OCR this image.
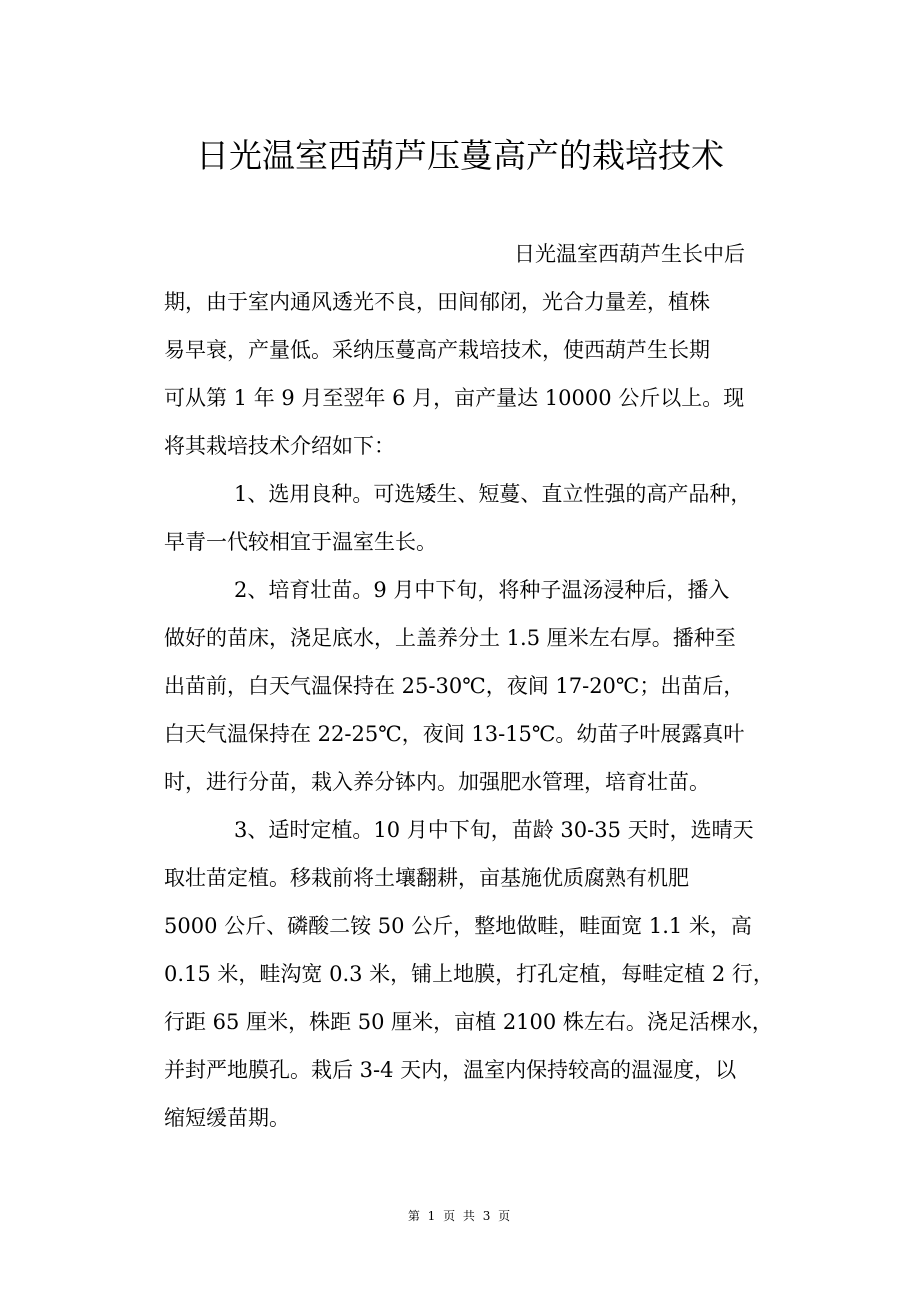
日光温室西葫芦压蔓高产的栽培技术
日光温室西葫芦生长中后
期，由于室内通风透光不良，田间郁闭，光合力量差，植株
易早衰，产量低。采纳压蔓高产栽培技术，使西葫芦生长期
可从第 1 年 9 月至翌年 6 月，亩产量达 10000 公斤以上。现
将其栽培技术介绍如下：
1、选用良种。可选矮生、短蔓、直立性强的高产品种，
早青一代较相宜于温室生长。
2、培育壮苗。9 月中下旬，将种子温汤浸种后，播入
做好的苗床，浇足底水，上盖养分土 1.5 厘米左右厚。播种至
出苗前，白天气温保持在 25-30℃，夜间 17-20℃；出苗后，
白天气温保持在 22-25℃，夜间 13-15℃。幼苗子叶展露真叶
时，进行分苗，栽入养分钵内。加强肥水管理，培育壮苗。
3、适时定植。10 月中下旬，苗龄 30-35 天时，选晴天
取壮苗定植。移栽前将土壤翻耕，亩基施优质腐熟有机肥
5000 公斤、磷酸二铵 50 公斤，整地做畦，畦面宽 1.1 米，高
0.15 米，畦沟宽 0.3 米，铺上地膜，打孔定植，每畦定植 2 行，
行距 65 厘米，株距 50 厘米，亩植 2100 株左右。浇足活棵水，
并封严地膜孔。栽后 3-4 天内，温室内保持较高的温湿度，以
缩短缓苗期。
第 1 页 共 3 页
